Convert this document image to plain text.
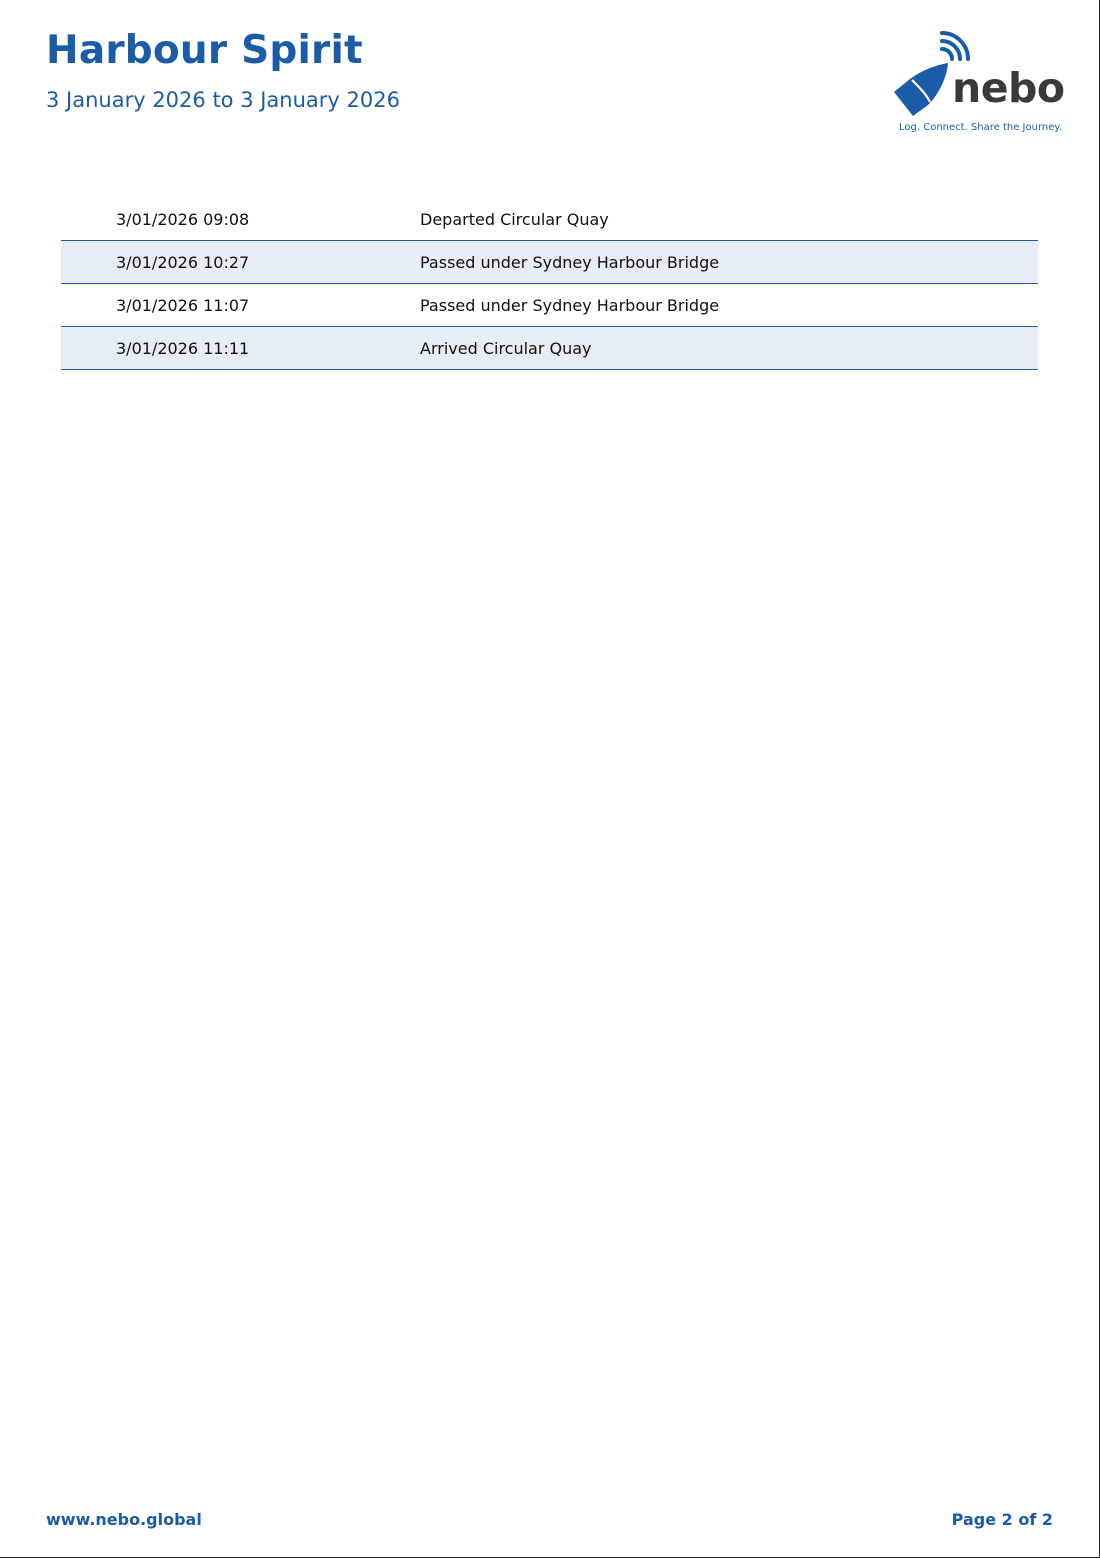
Harbour Spirit
3 January 2026 to 3 January 2026	nebo
Log. Connect. Share the Journey.
3/01/2026 09:08	Departed Circular Quay
3/01/2026 10:27	Passed under Sydney Harbour Bridge
3/01/2026 11:07	Passed under Sydney Harbour Bridge
3/01/2026 11:11	Arrived Circular Quay
www.nebo.global	Page 2 of 2
